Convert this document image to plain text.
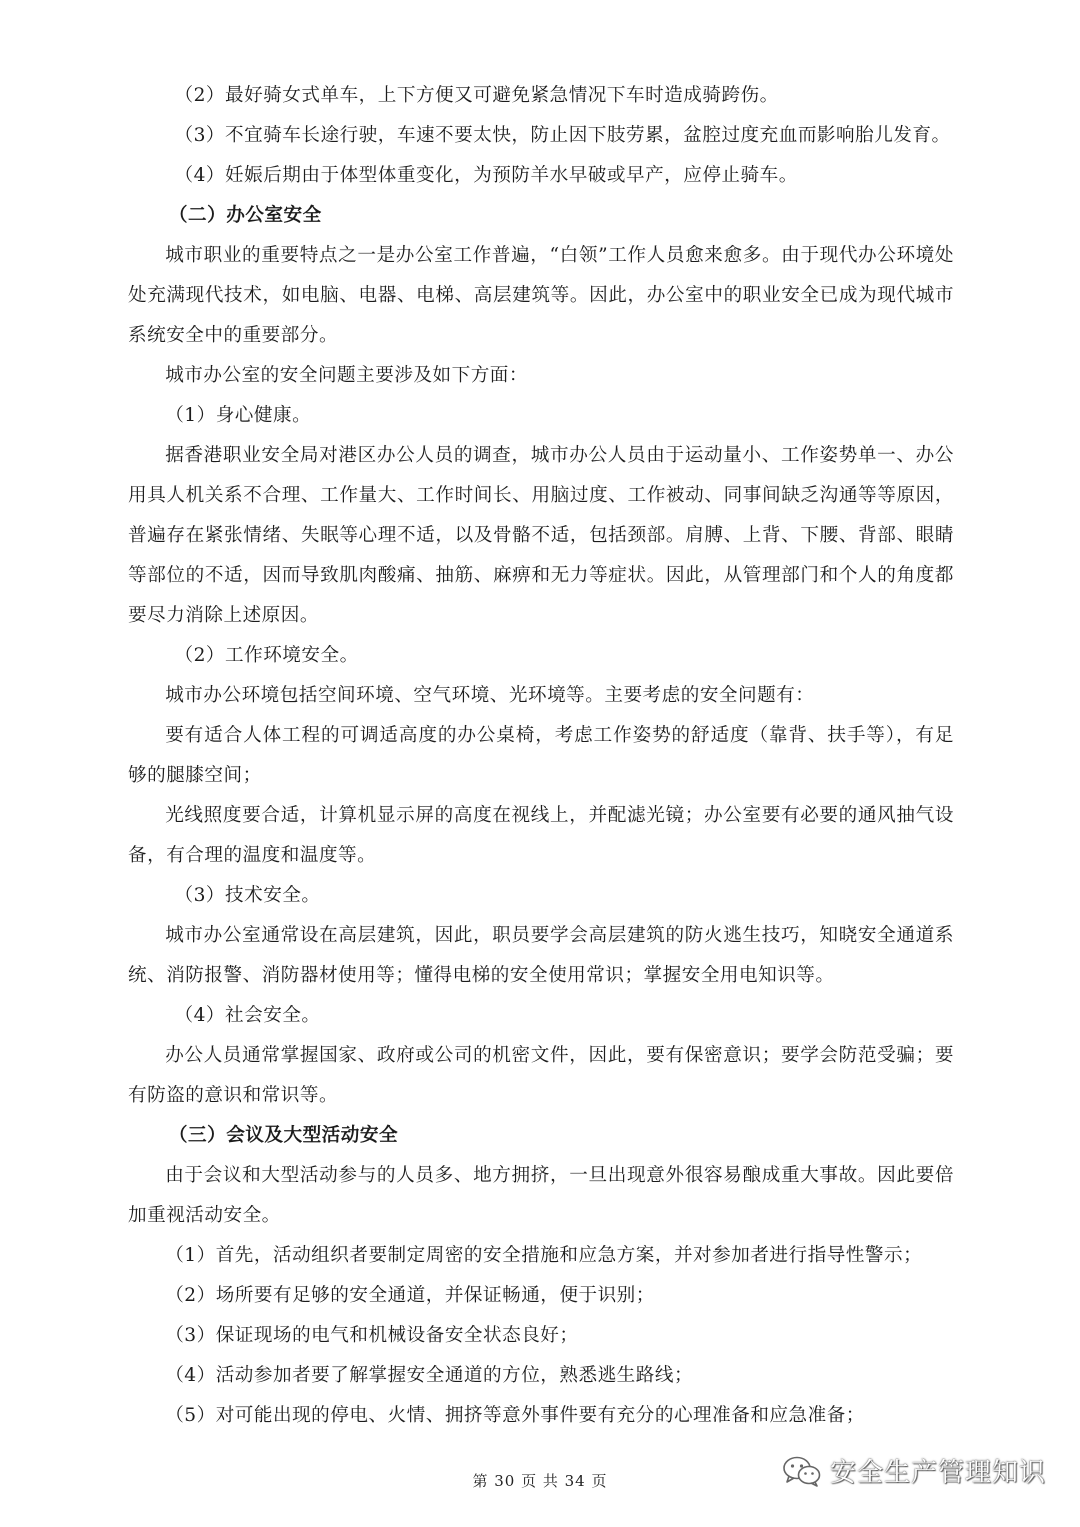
（2）最好骑女式单车，上下方便又可避免紧急情况下车时造成骑跨伤。

（3）不宜骑车长途行驶，车速不要太快，防止因下肢劳累，盆腔过度充血而影响胎儿发育。

（4）妊娠后期由于体型体重变化，为预防羊水早破或早产，应停止骑车。

（二）办公室安全

城市职业的重要特点之一是办公室工作普遍，“白领”工作人员愈来愈多。由于现代办公环境处处充满现代技术，如电脑、电器、电梯、高层建筑等。因此，办公室中的职业安全已成为现代城市系统安全中的重要部分。

城市办公室的安全问题主要涉及如下方面：

（1）身心健康。

据香港职业安全局对港区办公人员的调查，城市办公人员由于运动量小、工作姿势单一、办公用具人机关系不合理、工作量大、工作时间长、用脑过度、工作被动、同事间缺乏沟通等等原因，普遍存在紧张情绪、失眠等心理不适，以及骨骼不适，包括颈部。肩膊、上背、下腰、背部、眼睛等部位的不适，因而导致肌肉酸痛、抽筋、麻痹和无力等症状。因此，从管理部门和个人的角度都要尽力消除上述原因。

（2）工作环境安全。

城市办公环境包括空间环境、空气环境、光环境等。主要考虑的安全问题有：

要有适合人体工程的可调适高度的办公桌椅，考虑工作姿势的舒适度（靠背、扶手等），有足够的腿膝空间；

光线照度要合适，计算机显示屏的高度在视线上，并配滤光镜；办公室要有必要的通风抽气设备，有合理的温度和温度等。

（3）技术安全。

城市办公室通常设在高层建筑，因此，职员要学会高层建筑的防火逃生技巧，知晓安全通道系统、消防报警、消防器材使用等；懂得电梯的安全使用常识；掌握安全用电知识等。

（4）社会安全。

办公人员通常掌握国家、政府或公司的机密文件，因此，要有保密意识；要学会防范受骗；要有防盗的意识和常识等。

（三）会议及大型活动安全

由于会议和大型活动参与的人员多、地方拥挤，一旦出现意外很容易酿成重大事故。因此要倍加重视活动安全。

（1）首先，活动组织者要制定周密的安全措施和应急方案，并对参加者进行指导性警示；

（2）场所要有足够的安全通道，并保证畅通，便于识别；

（3）保证现场的电气和机械设备安全状态良好；

（4）活动参加者要了解掌握安全通道的方位，熟悉逃生路线；

（5）对可能出现的停电、火情、拥挤等意外事件要有充分的心理准备和应急准备；

第 30 页 共 34 页	安全生产管理知识
